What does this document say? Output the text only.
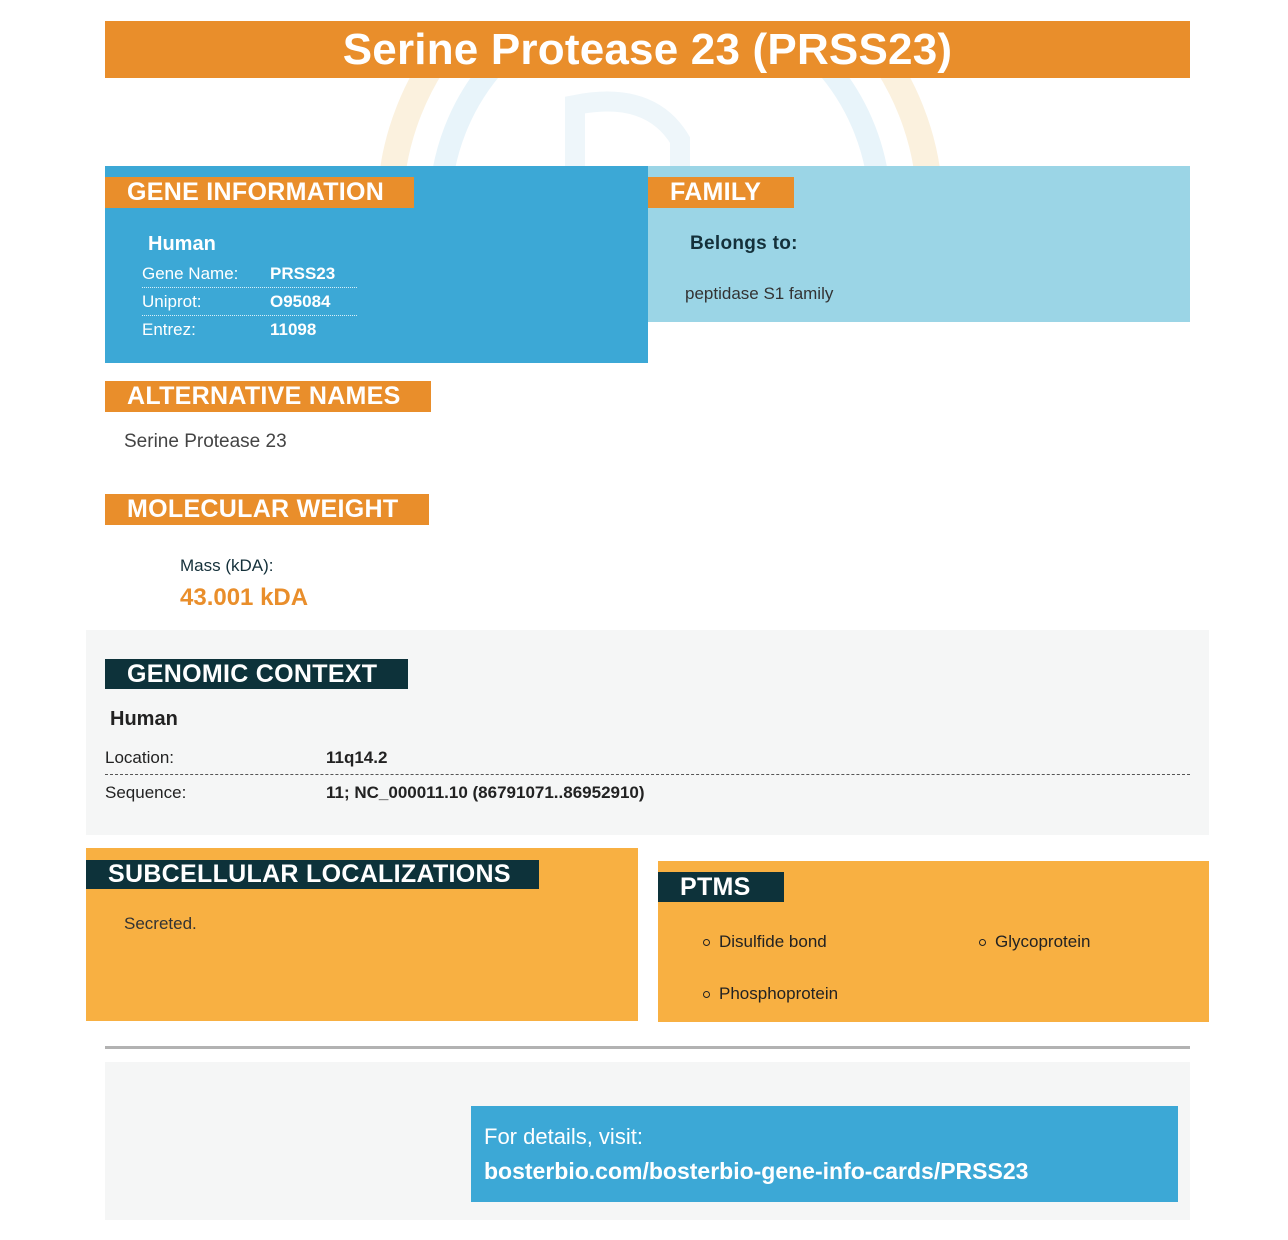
Serine Protease 23 (PRSS23)
GENE INFORMATION
Human
Gene Name:	PRSS23
Uniprot:	O95084
Entrez:	11098
FAMILY
Belongs to:
peptidase S1 family
ALTERNATIVE NAMES
Serine Protease 23
MOLECULAR WEIGHT
Mass (kDA):
43.001 kDA
GENOMIC CONTEXT
Human
Location:	11q14.2
Sequence:	11; NC_000011.10 (86791071..86952910)
SUBCELLULAR LOCALIZATIONS
Secreted.
PTMS
Disulfide bond	Glycoprotein
Phosphoprotein
For details, visit:
bosterbio.com/bosterbio-gene-info-cards/PRSS23
